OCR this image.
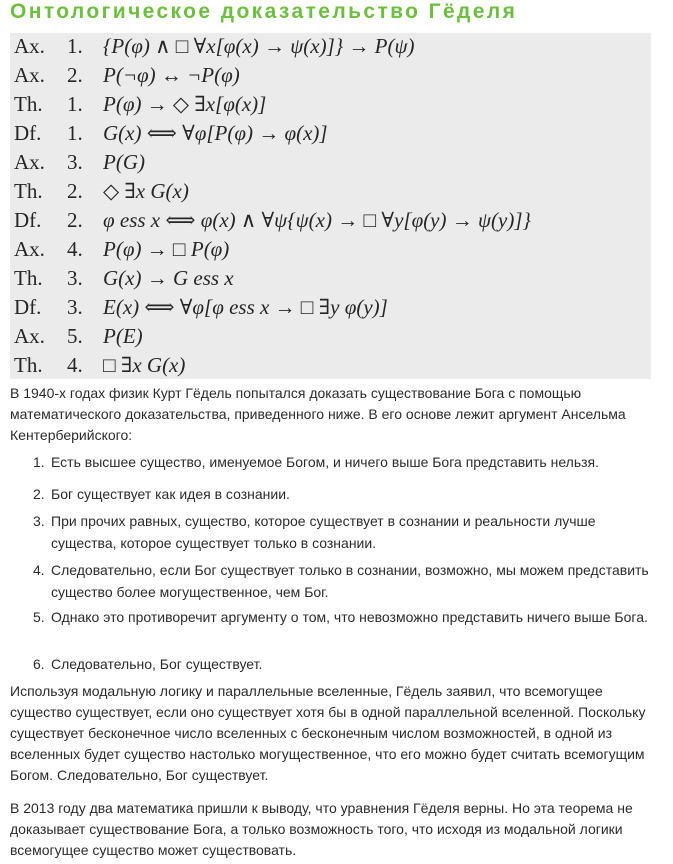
Онтологическое доказательство Гёделя
Ax. 1. {P(φ) ∧ □ ∀x[φ(x) → ψ(x)]} → P(ψ)
Ax. 2. P(¬φ) ↔ ¬P(φ)
Th. 1. P(φ) → ◇ ∃x[φ(x)]
Df. 1. G(x) ⟺ ∀φ[P(φ) → φ(x)]
Ax. 3. P(G)
Th. 2. ◇ ∃x G(x)
Df. 2. φ ess x ⟺ φ(x) ∧ ∀ψ{ψ(x) → □ ∀y[φ(y) → ψ(y)]}
Ax. 4. P(φ) → □ P(φ)
Th. 3. G(x) → G ess x
Df. 3. E(x) ⟺ ∀φ[φ ess x → □ ∃y φ(y)]
Ax. 5. P(E)
Th. 4. □ ∃x G(x)

В 1940-х годах физик Курт Гёдель попытался доказать существование Бога с помощью математического доказательства, приведенного ниже. В его основе лежит аргумент Ансельма Кентерберийского:

1. Есть высшее существо, именуемое Богом, и ничего выше Бога представить нельзя.
2. Бог существует как идея в сознании.
3. При прочих равных, существо, которое существует в сознании и реальности лучше существа, которое существует только в сознании.
4. Следовательно, если Бог существует только в сознании, возможно, мы можем представить существо более могущественное, чем Бог.
5. Однако это противоречит аргументу о том, что невозможно представить ничего выше Бога.
6. Следовательно, Бог существует.

Используя модальную логику и параллельные вселенные, Гёдель заявил, что всемогущее существо существует, если оно существует хотя бы в одной параллельной вселенной. Поскольку существует бесконечное число вселенных с бесконечным числом возможностей, в одной из вселенных будет существо настолько могущественное, что его можно будет считать всемогущим Богом. Следовательно, Бог существует.

В 2013 году два математика пришли к выводу, что уравнения Гёделя верны. Но эта теорема не доказывает существование Бога, а только возможность того, что исходя из модальной логики всемогущее существо может существовать.
